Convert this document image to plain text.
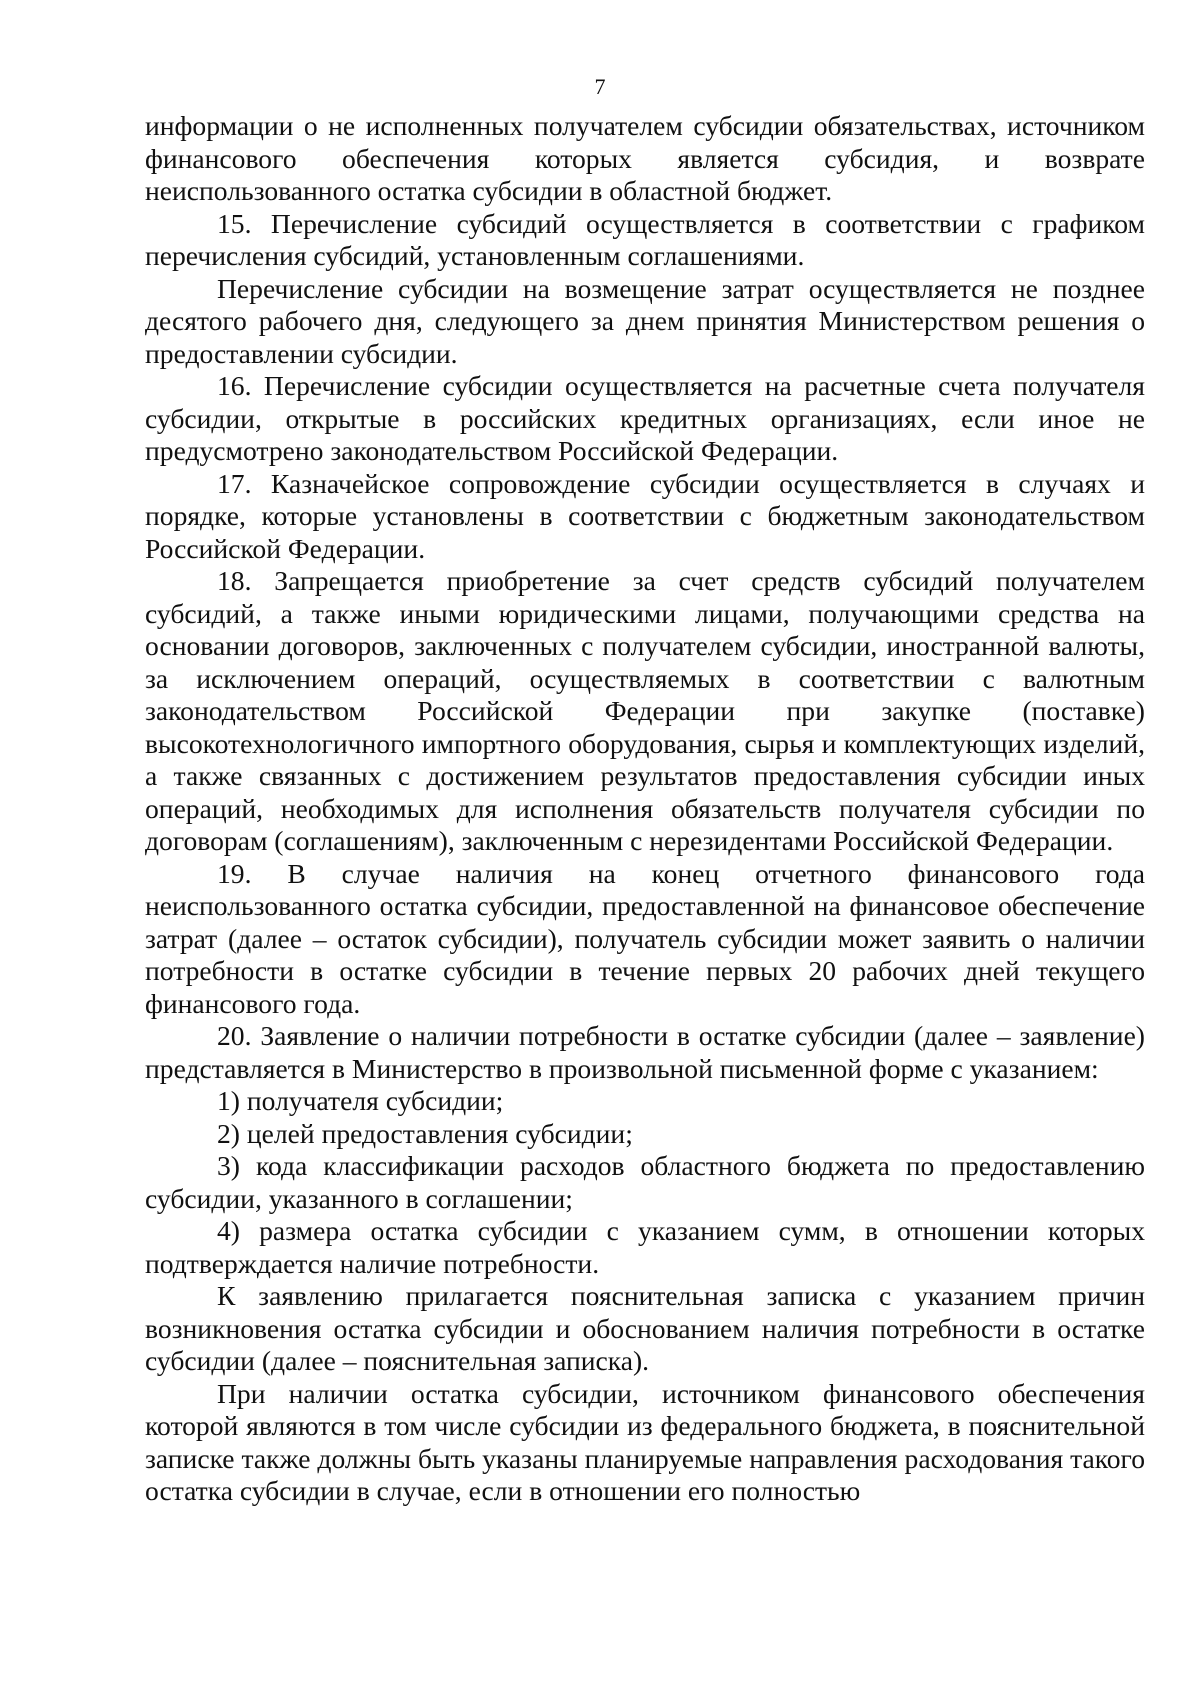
7

информации о не исполненных получателем субсидии обязательствах, источником финансового обеспечения которых является субсидия, и возврате неиспользованного остатка субсидии в областной бюджет.

15. Перечисление субсидий осуществляется в соответствии с графиком перечисления субсидий, установленным соглашениями.

Перечисление субсидии на возмещение затрат осуществляется не позднее десятого рабочего дня, следующего за днем принятия Министерством решения о предоставлении субсидии.

16. Перечисление субсидии осуществляется на расчетные счета получателя субсидии, открытые в российских кредитных организациях, если иное не предусмотрено законодательством Российской Федерации.

17. Казначейское сопровождение субсидии осуществляется в случаях и порядке, которые установлены в соответствии с бюджетным законодательством Российской Федерации.

18. Запрещается приобретение за счет средств субсидий получателем субсидий, а также иными юридическими лицами, получающими средства на основании договоров, заключенных с получателем субсидии, иностранной валюты, за исключением операций, осуществляемых в соответствии с валютным законодательством Российской Федерации при закупке (поставке) высокотехнологичного импортного оборудования, сырья и комплектующих изделий, а также связанных с достижением результатов предоставления субсидии иных операций, необходимых для исполнения обязательств получателя субсидии по договорам (соглашениям), заключенным с нерезидентами Российской Федерации.

19. В случае наличия на конец отчетного финансового года неиспользованного остатка субсидии, предоставленной на финансовое обеспечение затрат (далее – остаток субсидии), получатель субсидии может заявить о наличии потребности в остатке субсидии в течение первых 20 рабочих дней текущего финансового года.

20. Заявление о наличии потребности в остатке субсидии (далее – заявление) представляется в Министерство в произвольной письменной форме с указанием:

1) получателя субсидии;

2) целей предоставления субсидии;

3) кода классификации расходов областного бюджета по предоставлению субсидии, указанного в соглашении;

4) размера остатка субсидии с указанием сумм, в отношении которых подтверждается наличие потребности.

К заявлению прилагается пояснительная записка с указанием причин возникновения остатка субсидии и обоснованием наличия потребности в остатке субсидии (далее – пояснительная записка).

При наличии остатка субсидии, источником финансового обеспечения которой являются в том числе субсидии из федерального бюджета, в пояснительной записке также должны быть указаны планируемые направления расходования такого остатка субсидии в случае, если в отношении его полностью
